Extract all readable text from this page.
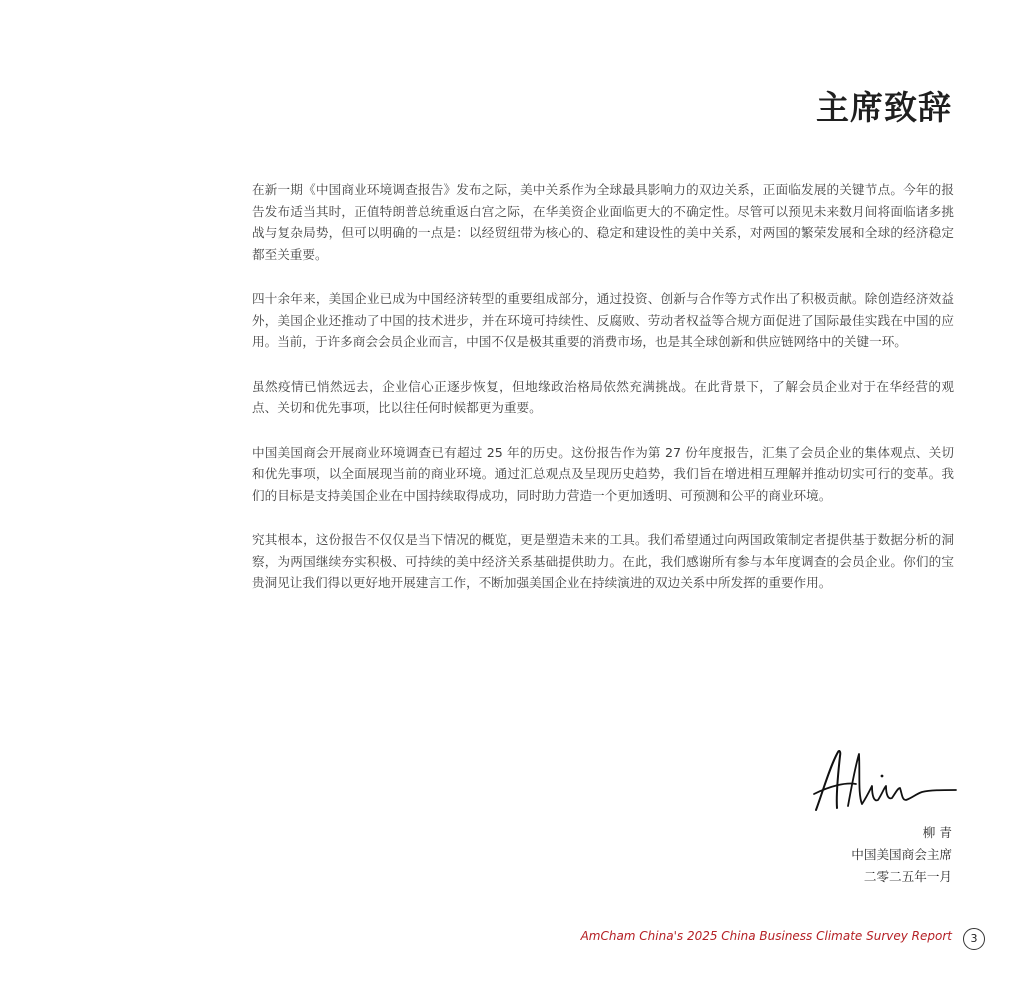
主席致辞

在新一期《中国商业环境调查报告》发布之际，美中关系作为全球最具影响力的双边关系，正面临发展的关键节点。今年的报告发布适当其时，正值特朗普总统重返白宫之际，在华美资企业面临更大的不确定性。尽管可以预见未来数月间将面临诸多挑战与复杂局势，但可以明确的一点是：以经贸纽带为核心的、稳定和建设性的美中关系，对两国的繁荣发展和全球的经济稳定都至关重要。

四十余年来，美国企业已成为中国经济转型的重要组成部分，通过投资、创新与合作等方式作出了积极贡献。除创造经济效益外，美国企业还推动了中国的技术进步，并在环境可持续性、反腐败、劳动者权益等合规方面促进了国际最佳实践在中国的应用。当前，于许多商会会员企业而言，中国不仅是极其重要的消费市场，也是其全球创新和供应链网络中的关键一环。

虽然疫情已悄然远去，企业信心正逐步恢复，但地缘政治格局依然充满挑战。在此背景下，了解会员企业对于在华经营的观点、关切和优先事项，比以往任何时候都更为重要。

中国美国商会开展商业环境调查已有超过 25 年的历史。这份报告作为第 27 份年度报告，汇集了会员企业的集体观点、关切和优先事项，以全面展现当前的商业环境。通过汇总观点及呈现历史趋势，我们旨在增进相互理解并推动切实可行的变革。我们的目标是支持美国企业在中国持续取得成功，同时助力营造一个更加透明、可预测和公平的商业环境。

究其根本，这份报告不仅仅是当下情况的概览，更是塑造未来的工具。我们希望通过向两国政策制定者提供基于数据分析的洞察，为两国继续夯实积极、可持续的美中经济关系基础提供助力。在此，我们感谢所有参与本年度调查的会员企业。你们的宝贵洞见让我们得以更好地开展建言工作，不断加强美国企业在持续演进的双边关系中所发挥的重要作用。

柳 青
中国美国商会主席
二零二五年一月
AmCham China's 2025 China Business Climate Survey Report	3
